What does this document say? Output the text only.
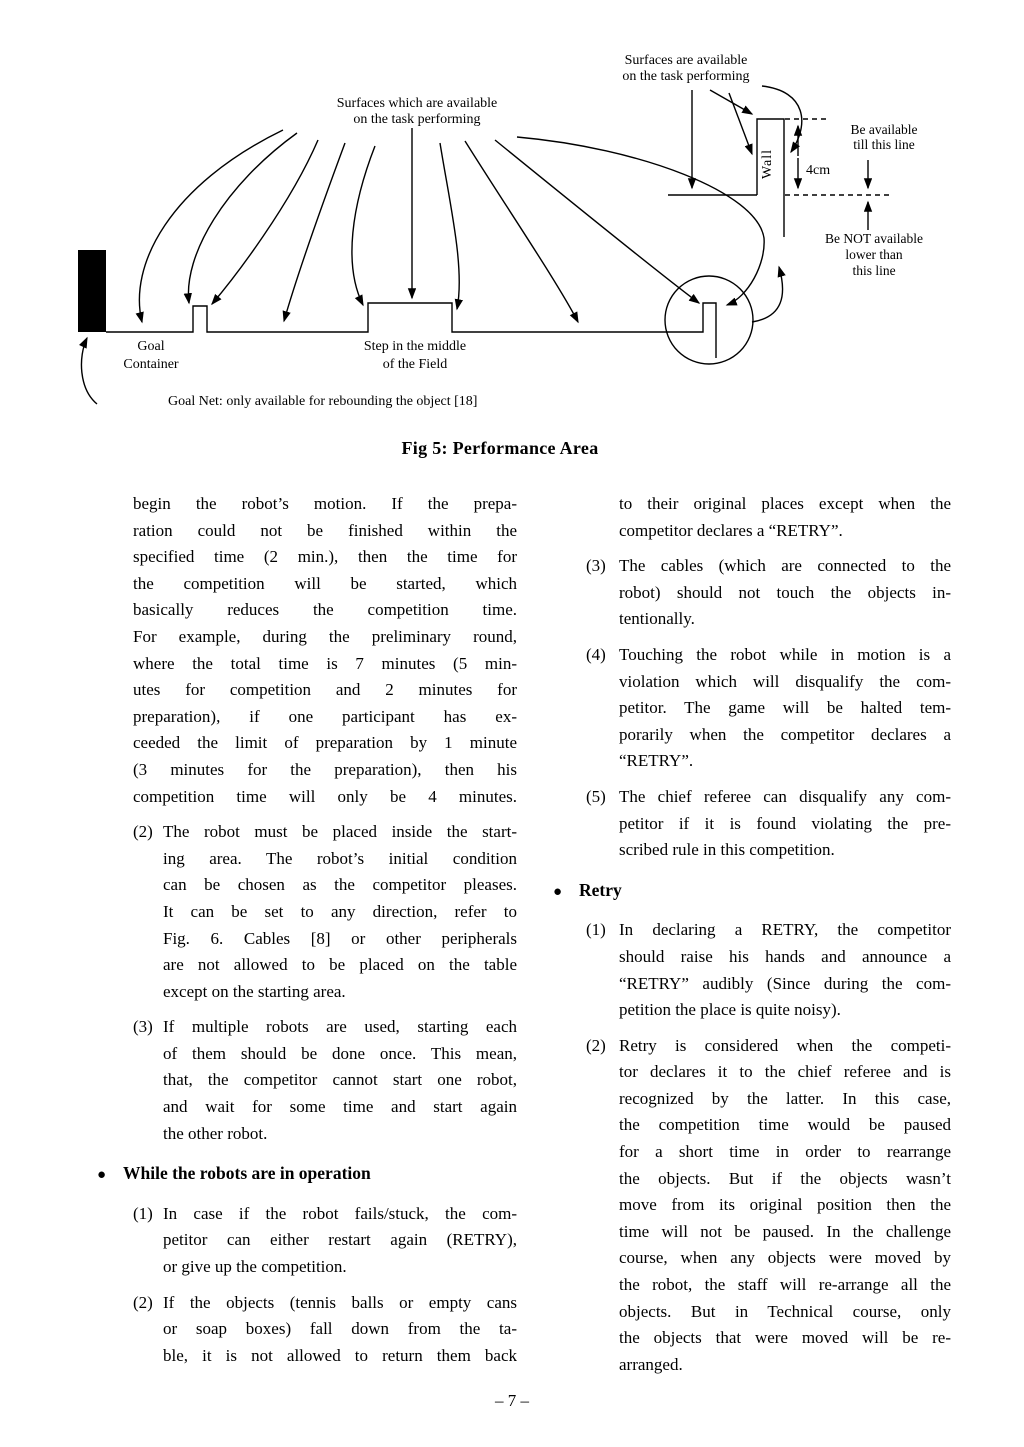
Surfaces which are available
on the task performing
Surfaces are available
on the task performing
Wall 4cm
Be available
till this line
Be NOT available
lower than
this line
Goal
Container
Step in the middle
of the Field
Goal Net: only available for rebounding the object [18]
Fig 5: Performance Area
begin the robot’s motion. If the prepa-
ration could not be finished within the
specified time (2 min.), then the time for
the competition will be started, which
basically reduces the competition time.
For example, during the preliminary round,
where the total time is 7 minutes (5 min-
utes for competition and 2 minutes for
preparation), if one participant has ex-
ceeded the limit of preparation by 1 minute
(3 minutes for the preparation), then his
competition time will only be 4 minutes.
(2) The robot must be placed inside the start-
ing area. The robot’s initial condition
can be chosen as the competitor pleases.
It can be set to any direction, refer to
Fig. 6. Cables [8] or other peripherals
are not allowed to be placed on the table
except on the starting area.
(3) If multiple robots are used, starting each
of them should be done once. This mean,
that, the competitor cannot start one robot,
and wait for some time and start again
the other robot.
● While the robots are in operation
(1) In case if the robot fails/stuck, the com-
petitor can either restart again (RETRY),
or give up the competition.
(2) If the objects (tennis balls or empty cans
or soap boxes) fall down from the ta-
ble, it is not allowed to return them back
to their original places except when the
competitor declares a “RETRY”.
(3) The cables (which are connected to the
robot) should not touch the objects in-
tentionally.
(4) Touching the robot while in motion is a
violation which will disqualify the com-
petitor. The game will be halted tem-
porarily when the competitor declares a
“RETRY”.
(5) The chief referee can disqualify any com-
petitor if it is found violating the pre-
scribed rule in this competition.
● Retry
(1) In declaring a RETRY, the competitor
should raise his hands and announce a
“RETRY” audibly (Since during the com-
petition the place is quite noisy).
(2) Retry is considered when the competi-
tor declares it to the chief referee and is
recognized by the latter. In this case,
the competition time would be paused
for a short time in order to rearrange
the objects. But if the objects wasn’t
move from its original position then the
time will not be paused. In the challenge
course, when any objects were moved by
the robot, the staff will re-arrange all the
objects. But in Technical course, only
the objects that were moved will be re-
arranged.
– 7 –
